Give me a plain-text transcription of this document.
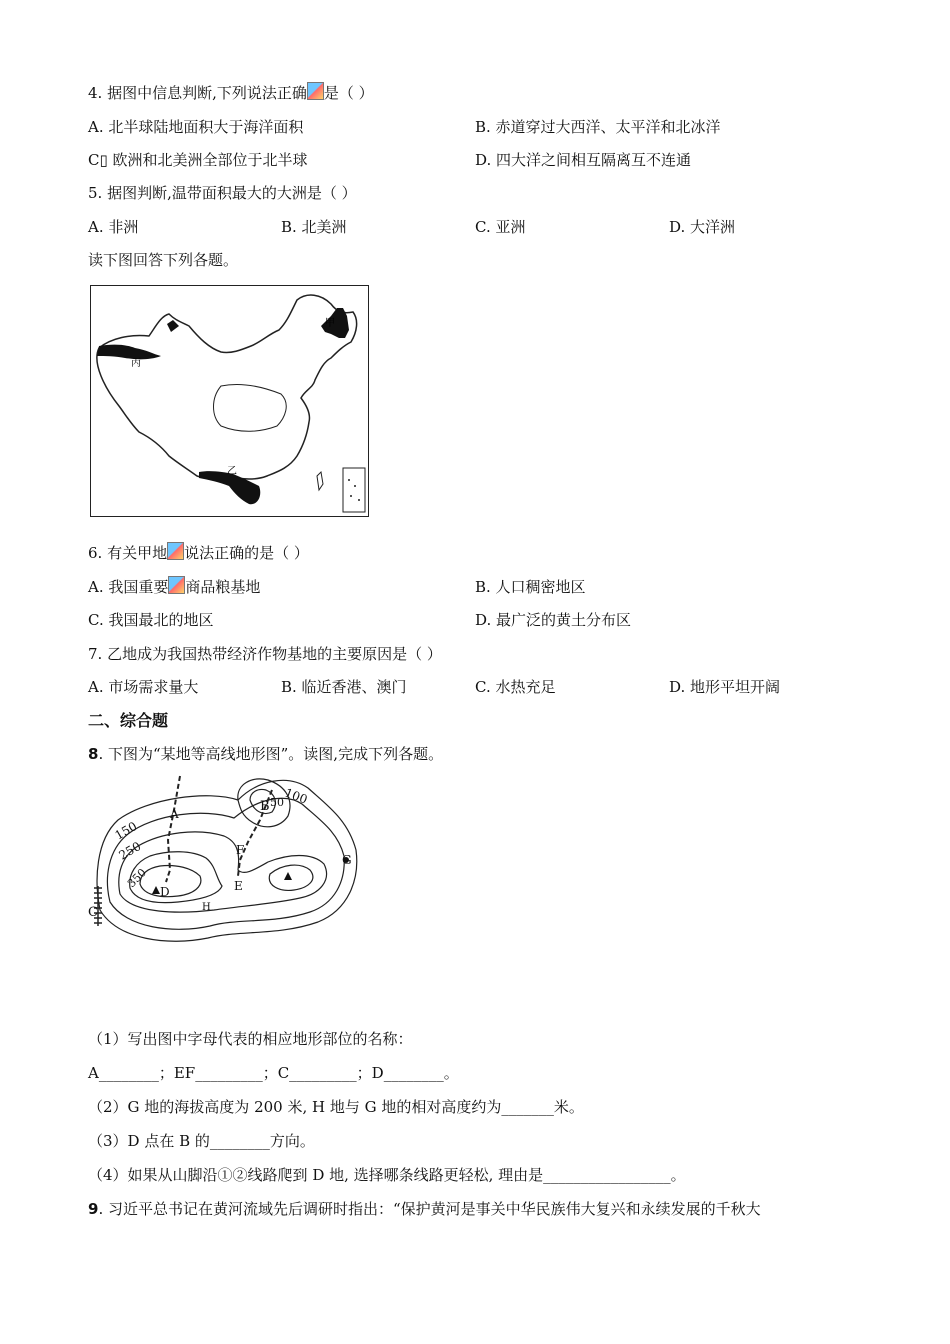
4. 据图中信息判断,下列说法正确 是（ ）
A. 北半球陆地面积大于海洋面积	B. 赤道穿过大西洋、太平洋和北冰洋
C▯ 欧洲和北美洲全部位于北半球	D. 四大洋之间相互隔离互不连通
5. 据图判断,温带面积最大的大洲是（ ）
A. 非洲	B. 北美洲	C. 亚洲	D. 大洋洲
读下图回答下列各题。
甲
丙
乙
6. 有关甲地 说法正确的是（ ）
A. 我国重要 商品粮基地	B. 人口稠密地区
C. 我国最北的地区	D. 最广泛的黄土分布区
7. 乙地成为我国热带经济作物基地的主要原因是（ ）
A. 市场需求量大	B. 临近香港、澳门	C. 水热充足	D. 地形平坦开阔
二、综合题
8. 下图为“某地等高线地形图”。读图,完成下列各题。
150
100
50
250
350
A	B
C
D	E
F
G
H
（1）写出图中字母代表的相应地形部位的名称：
A________；EF_________；C_________；D________。
（2）G 地的海拔高度为 200 米, H 地与 G 地的相对高度约为_______米。
（3）D 点在 B 的________方向。
（4）如果从山脚沿①②线路爬到 D 地, 选择哪条线路更轻松, 理由是_________________。
9. 习近平总书记在黄河流域先后调研时指出：“保护黄河是事关中华民族伟大复兴和永续发展的千秋大
